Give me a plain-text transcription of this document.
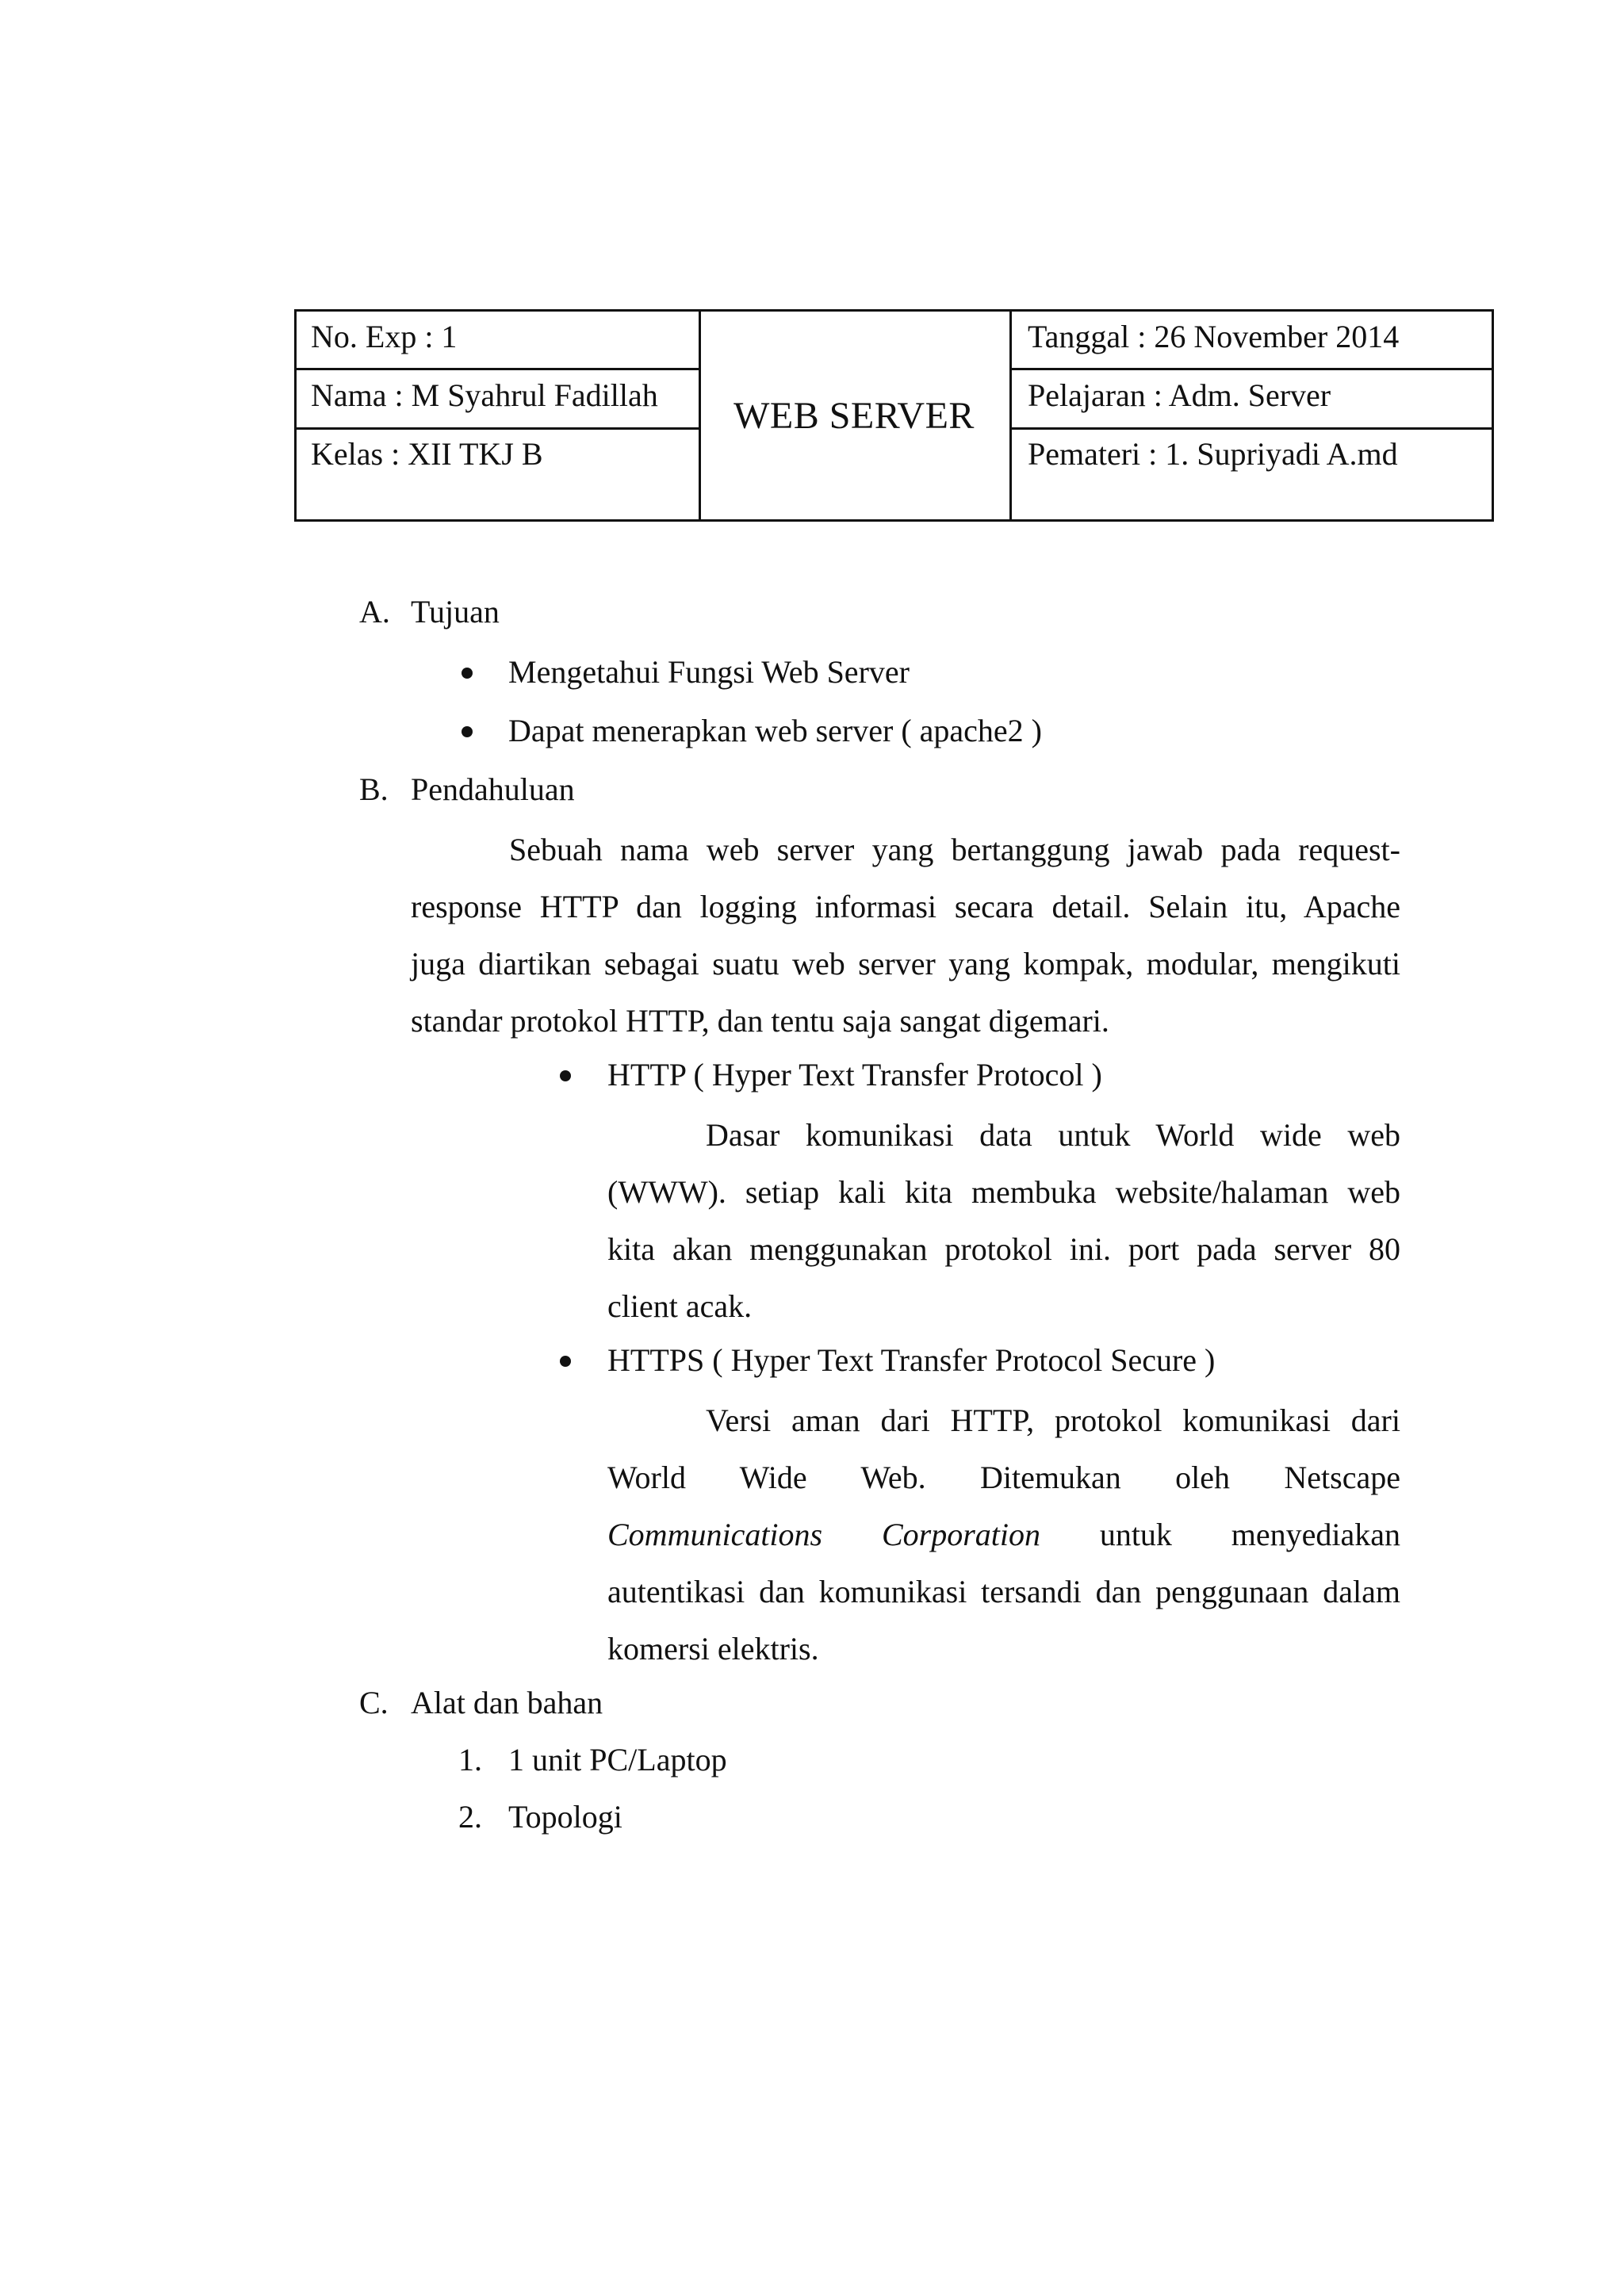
No. Exp : 1
Nama : M Syahrul Fadillah
Kelas : XII TKJ B
WEB SERVER
Tanggal : 26 November 2014
Pelajaran : Adm. Server
Pemateri : 1. Supriyadi A.md
A. Tujuan
Mengetahui Fungsi Web Server
Dapat menerapkan web server ( apache2 )
B. Pendahuluan
Sebuah nama web server yang bertanggung jawab pada request-
response HTTP dan logging informasi secara detail. Selain itu, Apache
juga diartikan sebagai suatu web server yang kompak, modular, mengikuti
standar protokol HTTP, dan tentu saja sangat digemari.
HTTP ( Hyper Text Transfer Protocol )
Dasar komunikasi data untuk World wide web
(WWW). setiap kali kita membuka website/halaman web
kita akan menggunakan protokol ini. port pada server 80
client acak.
HTTPS ( Hyper Text Transfer Protocol Secure )
Versi aman dari HTTP, protokol komunikasi dari
World Wide Web. Ditemukan oleh Netscape
Communications Corporation untuk menyediakan
autentikasi dan komunikasi tersandi dan penggunaan dalam
komersi elektris.
C. Alat dan bahan
1. 1 unit PC/Laptop
2. Topologi
